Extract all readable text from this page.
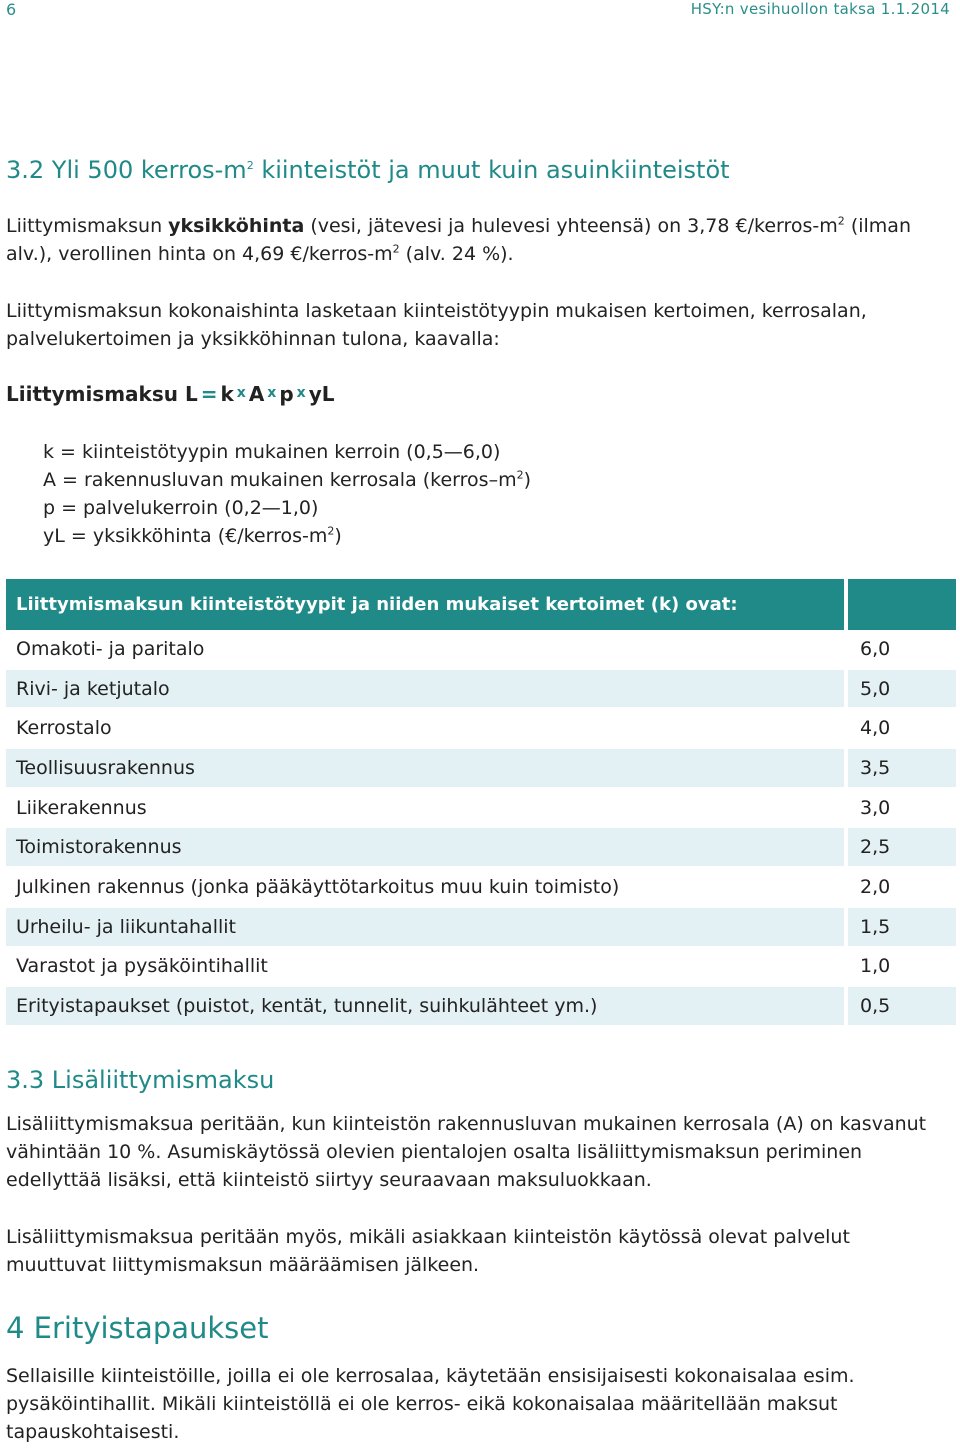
6	HSY:n vesihuollon taksa 1.1.2014
3.2 Yli 500 kerros-$m^2$ kiinteistöt ja muut kuin asuinkiinteistöt

Liittymismaksun yksikköhinta (vesi, jätevesi ja hulevesi yhteensä) on 3,78 $€/kerros-m^2$ (ilman alv.), verollinen hinta on 4,69 $€/kerros-m^2$ (alv. 24 %).

Liittymismaksun kokonaishinta lasketaan kiinteistötyypin mukaisen kertoimen, kerrosalan, palvelukertoimen ja yksikköhinnan tulona, kaavalla:

Liittymismaksu L = k $^x$ A $^x$ p $^x$ yL
k = kiinteistötyypin mukainen kerroin (0,5—6,0)
A = rakennusluvan mukainen kerrosala $(kerros-m^2)$
p = palvelukerroin (0,2—1,0)
yL = yksikköhinta $(€/kerros-m^2)$
Liittymismaksun kiinteistötyypit ja niiden mukaiset kertoimet (k) ovat:
Omakoti- ja paritalo	6,0
Rivi- ja ketjutalo	5,0
Kerrostalo	4,0
Teollisuusrakennus	3,5
Liikerakennus	3,0
Toimistorakennus	2,5
Julkinen rakennus (jonka pääkäyttötarkoitus muu kuin toimisto)	2,0
Urheilu- ja liikuntahallit	1,5
Varastot ja pysäköintihallit	1,0
Erityistapaukset (puistot, kentät, tunnelit, suihkulähteet ym.)	0,5
3.3 Lisäliittymismaksu

Lisäliittymismaksua peritään, kun kiinteistön rakennusluvan mukainen kerrosala (A) on kasvanut vähintään 10 %. Asumiskäytössä olevien pientalojen osalta lisäliittymismaksun periminen edellyttää lisäksi, että kiinteistö siirtyy seuraavaan maksuluokkaan.

Lisäliittymismaksua peritään myös, mikäli asiakkaan kiinteistön käytössä olevat palvelut muuttuvat liittymismaksun määräämisen jälkeen.

4 Erityistapaukset

Sellaisille kiinteistöille, joilla ei ole kerrosalaa, käytetään ensisijaisesti kokonaisalaa esim. pysäköintihallit. Mikäli kiinteistöllä ei ole kerros- eikä kokonaisalaa määritellään maksut tapauskohtaisesti.
